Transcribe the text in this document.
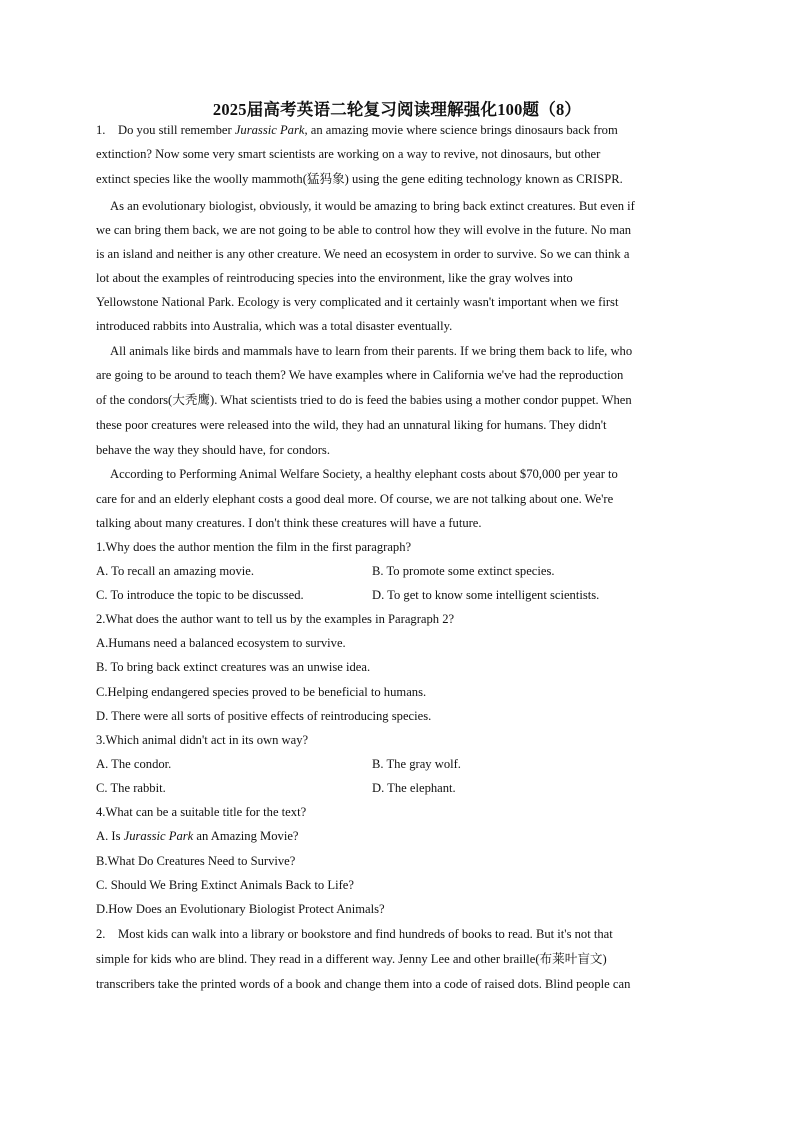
2025届高考英语二轮复习阅读理解强化100题（8）
1. Do you still remember Jurassic Park, an amazing movie where science brings dinosaurs back from
extinction? Now some very smart scientists are working on a way to revive, not dinosaurs, but other
extinct species like the woolly mammoth(猛犸象) using the gene editing technology known as CRISPR.
As an evolutionary biologist, obviously, it would be amazing to bring back extinct creatures. But even if
we can bring them back, we are not going to be able to control how they will evolve in the future. No man
is an island and neither is any other creature. We need an ecosystem in order to survive. So we can think a
lot about the examples of reintroducing species into the environment, like the gray wolves into
Yellowstone National Park. Ecology is very complicated and it certainly wasn't important when we first
introduced rabbits into Australia, which was a total disaster eventually.
All animals like birds and mammals have to learn from their parents. If we bring them back to life, who
are going to be around to teach them? We have examples where in California we've had the reproduction
of the condors(大秃鹰). What scientists tried to do is feed the babies using a mother condor puppet. When
these poor creatures were released into the wild, they had an unnatural liking for humans. They didn't
behave the way they should have, for condors.
According to Performing Animal Welfare Society, a healthy elephant costs about $70,000 per year to
care for and an elderly elephant costs a good deal more. Of course, we are not talking about one. We're
talking about many creatures. I don't think these creatures will have a future.
1.Why does the author mention the film in the first paragraph?
A. To recall an amazing movie.	B. To promote some extinct species.
C. To introduce the topic to be discussed.	D. To get to know some intelligent scientists.
2.What does the author want to tell us by the examples in Paragraph 2?
A.Humans need a balanced ecosystem to survive.
B. To bring back extinct creatures was an unwise idea.
C.Helping endangered species proved to be beneficial to humans.
D. There were all sorts of positive effects of reintroducing species.
3.Which animal didn't act in its own way?
A. The condor.	B. The gray wolf.
C. The rabbit.	D. The elephant.
4.What can be a suitable title for the text?
A. Is Jurassic Park an Amazing Movie?
B.What Do Creatures Need to Survive?
C. Should We Bring Extinct Animals Back to Life?
D.How Does an Evolutionary Biologist Protect Animals?
2. Most kids can walk into a library or bookstore and find hundreds of books to read. But it's not that
simple for kids who are blind. They read in a different way. Jenny Lee and other braille(布莱叶盲文)
transcribers take the printed words of a book and change them into a code of raised dots. Blind people can
